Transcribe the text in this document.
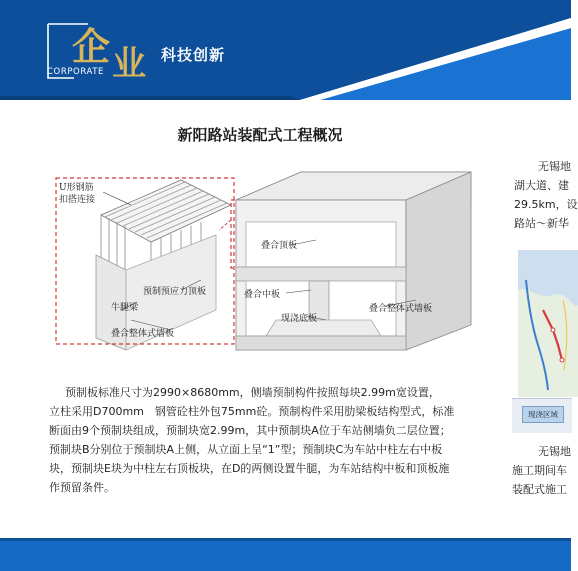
企 业
CORPORATE
科技创新
新阳路站装配式工程概况
U形钢筋
扣搭连接
预制预应力顶板
牛腿梁
叠合整体式墙板
叠合顶板
叠合中板
叠合整体式墙板
现浇底板

预制板标准尺寸为2990×8680mm，侧墙预制构件按照每块2.99m宽设置，

立柱采用D700mm　钢管砼柱外包75mm砼。预制构件采用肋梁板结构型式，标准

断面由9个预制块组成，预制块宽2.99m，其中预制块A位于车站侧墙负二层位置；

预制块B分别位于预制块A上侧，从立面上呈“1”型；预制块C为车站中柱左右中板

块，预制块E块为中柱左右顶板块，在D的两侧设置牛腿，为车站结构中板和顶板施

作预留条件。

无锡地
湖大道、建
29.5km，设
路站～新华
现浇区域
无锡地
施工期间车
装配式施工
